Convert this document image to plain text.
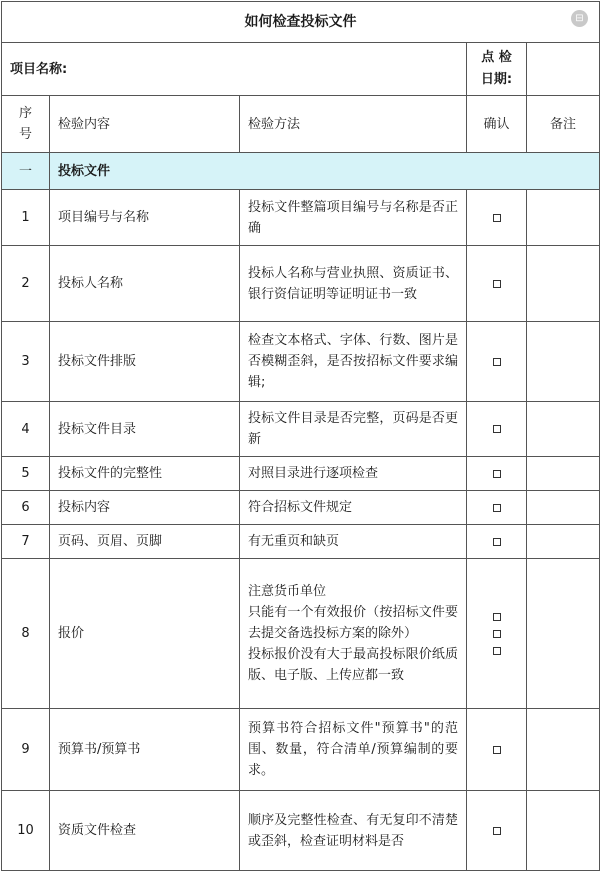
⊟
如何检查投标文件				
项目名称:			点 检
日期:	
序
号	检验内容	检验方法	确认	备注
一	投标文件			
1	项目编号与名称	投标文件整篇项目编号与名称是否正确	

2	投标人名称	投标人名称与营业执照、资质证书、银行资信证明等证明证书一致	

3	投标文件排版	检查文本格式、字体、行数、图片是否模糊歪斜，是否按招标文件要求编辑;	

4	投标文件目录	投标文件目录是否完整，页码是否更新	

5	投标文件的完整性	对照目录进行逐项检查	

6	投标内容	符合招标文件规定	

7	页码、页眉、页脚	有无重页和缺页	

8	报价	注意货币单位
只能有一个有效报价（按招标文件要去提交备选投标方案的除外）
投标报价没有大于最高投标限价纸质版、电子版、上传应都一致	

9	预算书/预算书	预算书符合招标文件"预算书"的范围、数量，符合清单/预算编制的要求。	

10	资质文件检查	顺序及完整性检查、有无复印不清楚或歪斜，检查证明材料是否	
